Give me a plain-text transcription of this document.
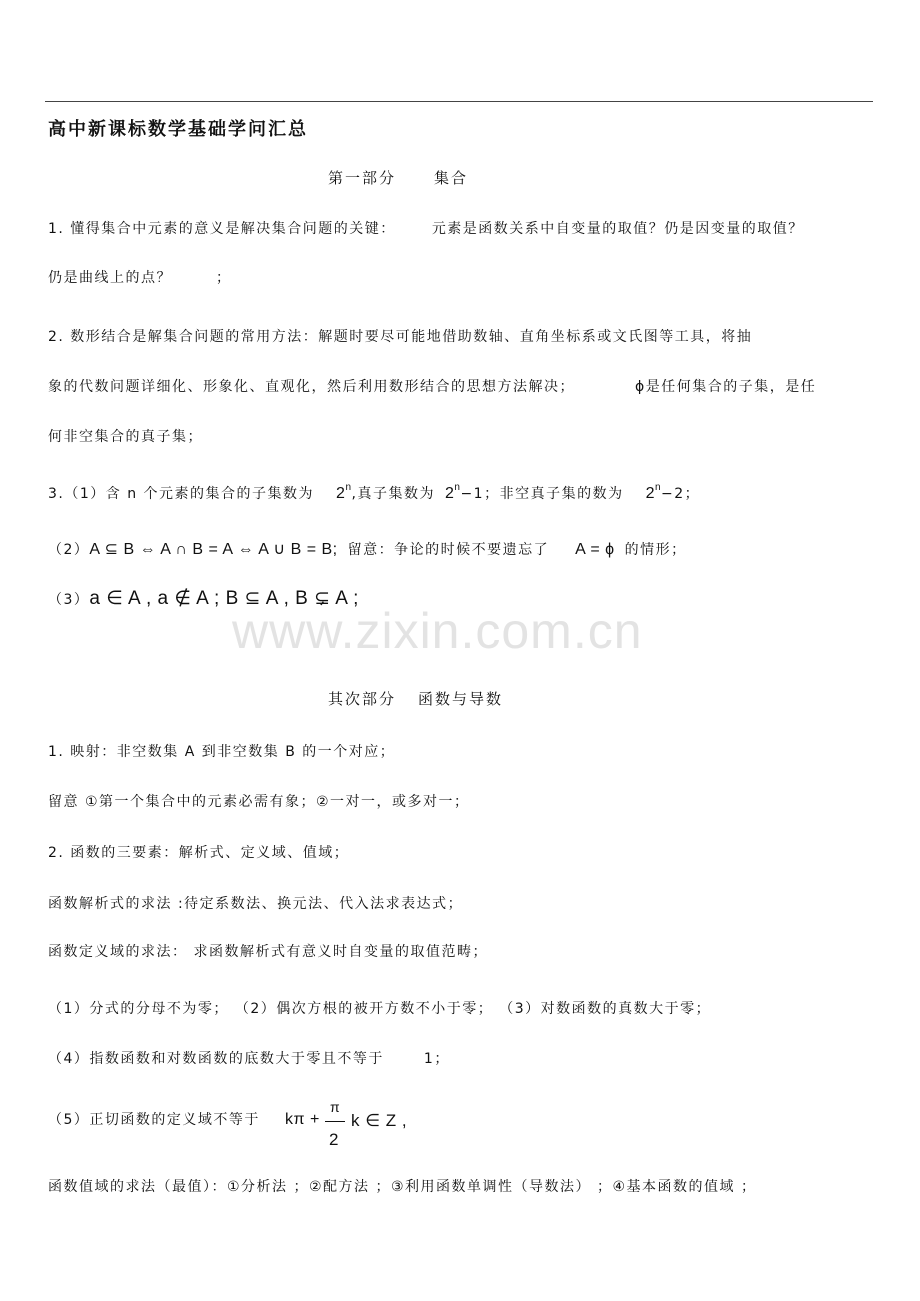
高中新课标数学基础学问汇总
www.zixin.com.cn
第一部分	集合
1. 懂得集合中元素的意义是解决集合问题的关键：	元素是函数关系中自变量的取值？仍是因变量的取值？
仍是曲线上的点？	；
2. 数形结合是解集合问题的常用方法：解题时要尽可能地借助数轴、直角坐标系或文氏图等工具，将抽
象的代数问题详细化、形象化、直观化，然后利用数形结合的思想方法解决；	ϕ是任何集合的子集，是任
何非空集合的真子集；
3.（1）含 n 个元素的集合的子集数为 2$^n$,真子集数为 $2^n-1$；非空真子集的数为 $2^n-2$；
（2）A ⊆ B ⇔ A ∩ B = A ⇔ A ∪ B = B; 留意：争论的时候不要遗忘了 A = ϕ 的情形；
（3）a ∈ A , a ∉ A ; B ⊆ A , B ⊊ A ;
其次部分 函数与导数
1. 映射：非空数集 A 到非空数集 B 的一个对应；
留意 ①第一个集合中的元素必需有象；②一对一，或多对一；
2. 函数的三要素：解析式、定义域、值域；
函数解析式的求法 :待定系数法、换元法、代入法求表达式；
函数定义域的求法： 求函数解析式有意义时自变量的取值范畴；
（1）分式的分母不为零； （2）偶次方根的被开方数不小于零； （3）对数函数的真数大于零；
（4）指数函数和对数函数的底数大于零且不等于	1；
（5）正切函数的定义域不等于 kπ +
π
2
k ∈ Z ,
函数值域的求法（最值）：①分析法 ；②配方法 ；③利用函数单调性（导数法） ；④基本函数的值域 ；
